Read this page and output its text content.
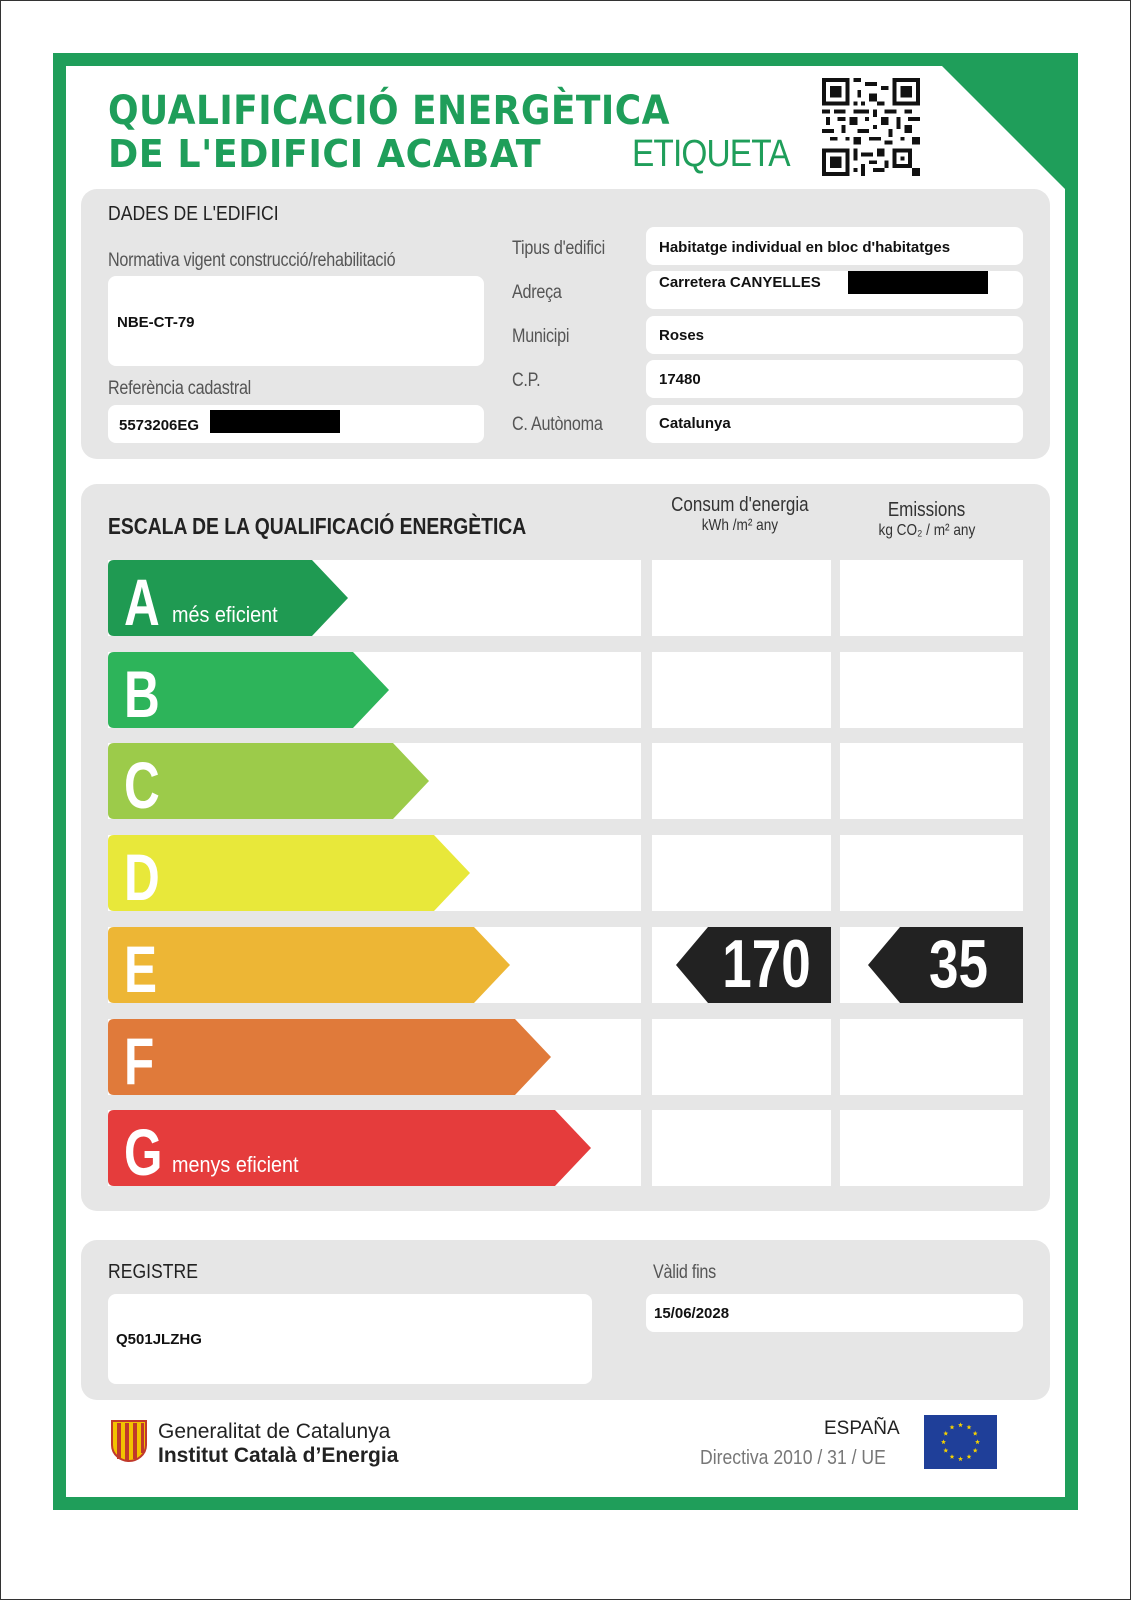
QUALIFICACIÓ ENERGÈTICA
DE L'EDIFICI ACABAT ETIQUETA
DADES DE L'EDIFICI
Normativa vigent construcció/rehabilitació
NBE-CT-79
Referència cadastral
5573206EG
Tipus d'edifici	Habitatge individual en bloc d'habitatges
Adreça	Carretera CANYELLES
Municipi	Roses
C.P.	17480
C. Autònoma	Catalunya
ESCALA DE LA QUALIFICACIÓ ENERGÈTICA
Consum d'energia
kWh /m² any
Emissions
kg CO₂ / m² any
A més eficient
B
C
D
E	170	35
F
G menys eficient
REGISTRE
Q501JLZHG
Vàlid fins
15/06/2028
Generalitat de Catalunya
Institut Català d’Energia
ESPAÑA
Directiva 2010 / 31 / UE
